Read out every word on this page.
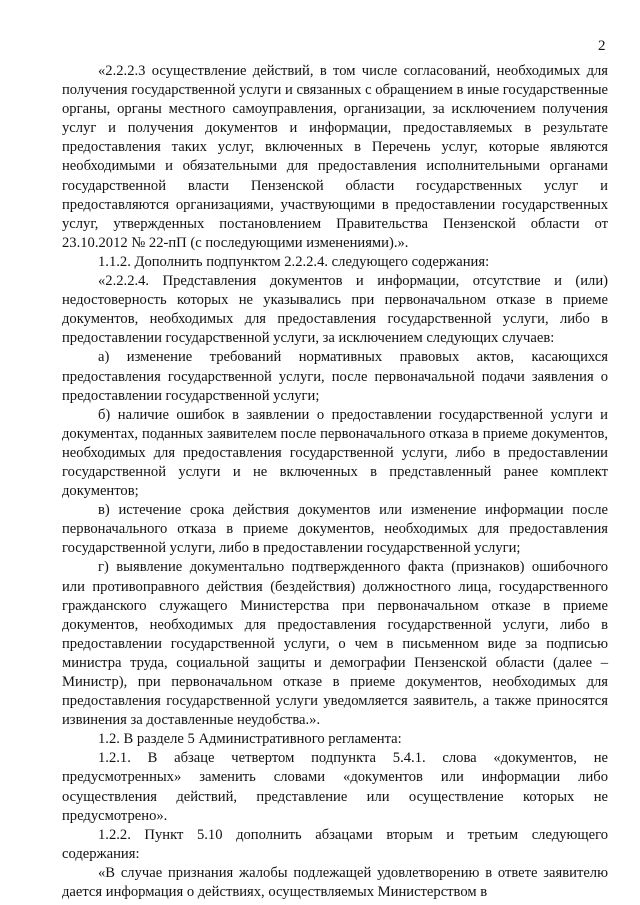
2

«2.2.2.3 осуществление действий, в том числе согласований, необходимых для получения государственной услуги и связанных с обращением в иные государственные органы, органы местного самоуправления, организации, за исключением получения услуг и получения документов и информации, предоставляемых в результате предоставления таких услуг, включенных в Перечень услуг, которые являются необходимыми и обязательными для предоставления исполнительными органами государственной власти Пензенской области государственных услуг и предоставляются организациями, участвующими в предоставлении государственных услуг, утвержденных постановлением Правительства Пензенской области от 23.10.2012 № 22-пП (с последующими изменениями).».

1.1.2. Дополнить подпунктом 2.2.2.4. следующего содержания:

«2.2.2.4. Представления документов и информации, отсутствие и (или) недостоверность которых не указывались при первоначальном отказе в приеме документов, необходимых для предоставления государственной услуги, либо в предоставлении государственной услуги, за исключением следующих случаев:

а) изменение требований нормативных правовых актов, касающихся предоставления государственной услуги, после первоначальной подачи заявления о предоставлении государственной услуги;

б) наличие ошибок в заявлении о предоставлении государственной услуги и документах, поданных заявителем после первоначального отказа в приеме документов, необходимых для предоставления государственной услуги, либо в предоставлении государственной услуги и не включенных в представленный ранее комплект документов;

в) истечение срока действия документов или изменение информации после первоначального отказа в приеме документов, необходимых для предоставления государственной услуги, либо в предоставлении государственной услуги;

г) выявление документально подтвержденного факта (признаков) ошибочного или противоправного действия (бездействия) должностного лица, государственного гражданского служащего Министерства при первоначальном отказе в приеме документов, необходимых для предоставления государственной услуги, либо в предоставлении государственной услуги, о чем в письменном виде за подписью министра труда, социальной защиты и демографии Пензенской области (далее – Министр), при первоначальном отказе в приеме документов, необходимых для предоставления государственной услуги уведомляется заявитель, а также приносятся извинения за доставленные неудобства.».

1.2. В разделе 5 Административного регламента:

1.2.1. В абзаце четвертом подпункта 5.4.1. слова «документов, не предусмотренных» заменить словами «документов или информации либо осуществления действий, представление или осуществление которых не предусмотрено».

1.2.2. Пункт 5.10 дополнить абзацами вторым и третьим следующего содержания:

«В случае признания жалобы подлежащей удовлетворению в ответе заявителю дается информация о действиях, осуществляемых Министерством в
